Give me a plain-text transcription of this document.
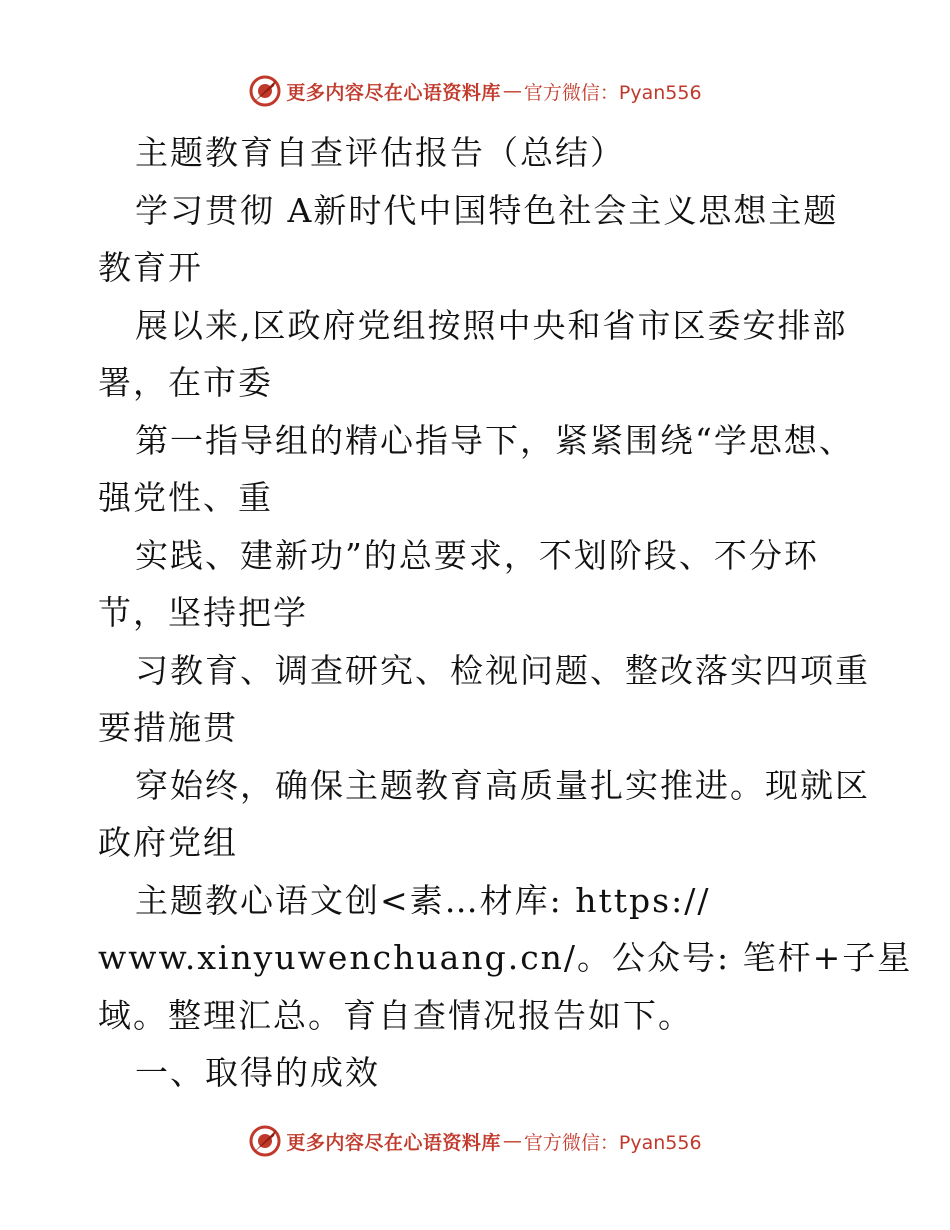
更多内容尽在心语资料库 — 官方微信：Pyan556
主题教育自查评估报告（总结）
学习贯彻 A新时代中国特色社会主义思想主题
教育开
展以来,区政府党组按照中央和省市区委安排部
署，在市委
第一指导组的精心指导下，紧紧围绕“学思想、
强党性、重
实践、建新功”的总要求，不划阶段、不分环
节，坚持把学
习教育、调查研究、检视问题、整改落实四项重
要措施贯
穿始终，确保主题教育高质量扎实推进。现就区
政府党组
主题教心语文创<素…材库: https://
www.xinyuwenchuang.cn/。公众号: 笔杆+子星
域。整理汇总。育自查情况报告如下。
一、取得的成效
更多内容尽在心语资料库 — 官方微信：Pyan556
